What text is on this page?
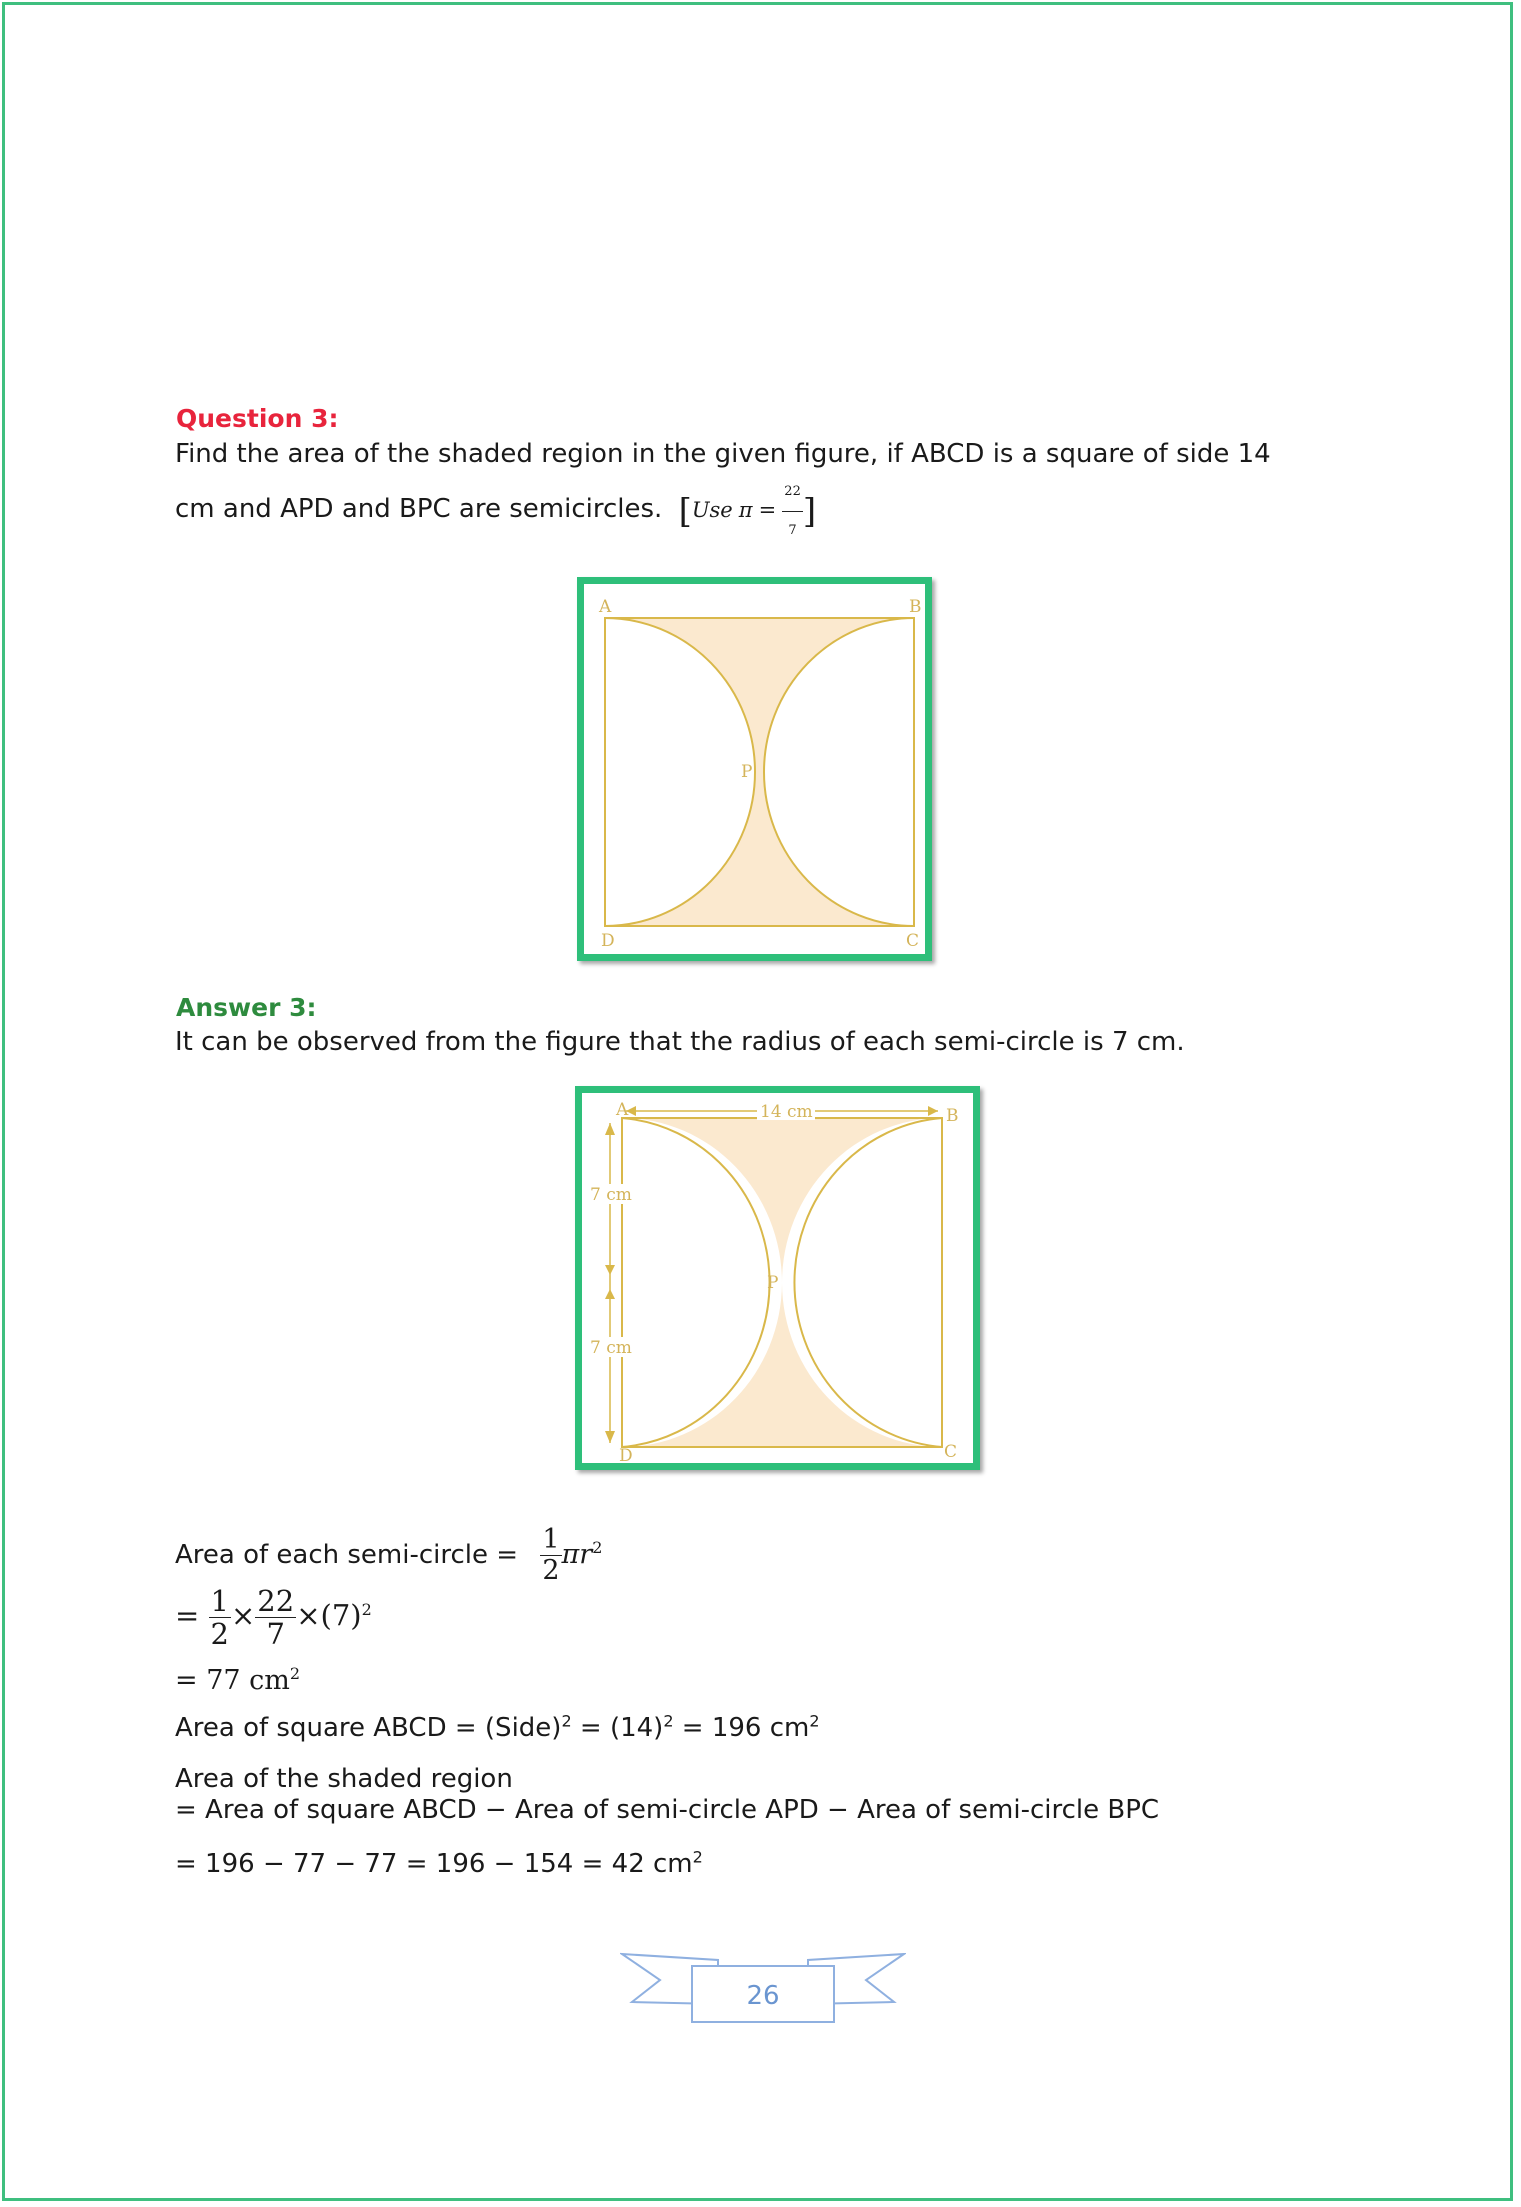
Question 3:
Find the area of the shaded region in the given figure, if ABCD is a square of side 14
cm and APD and BPC are semicircles. [Use $\pi = \frac{22}{7}$ ]
A	B
P
D	C
Answer 3:
It can be observed from the figure that the radius of each semi-circle is 7 cm.
14 cm
7 cm
7 cm
A	B
P
D	C
Area of each semi-circle = $\frac{1}{2} \pi r^2$
= $\frac{1}{2} \times \frac{22}{7} \times(7)^2$
= 77 $cm^2$
Area of square ABCD = (Side)$^2$ = $(14)^2 = 196$ $cm^2$
Area of the shaded region
= Area of square ABCD − Area of semi-circle APD − Area of semi-circle BPC
= 196 − 77 − 77 = 196 − 154 = 42 $cm^2$
26
